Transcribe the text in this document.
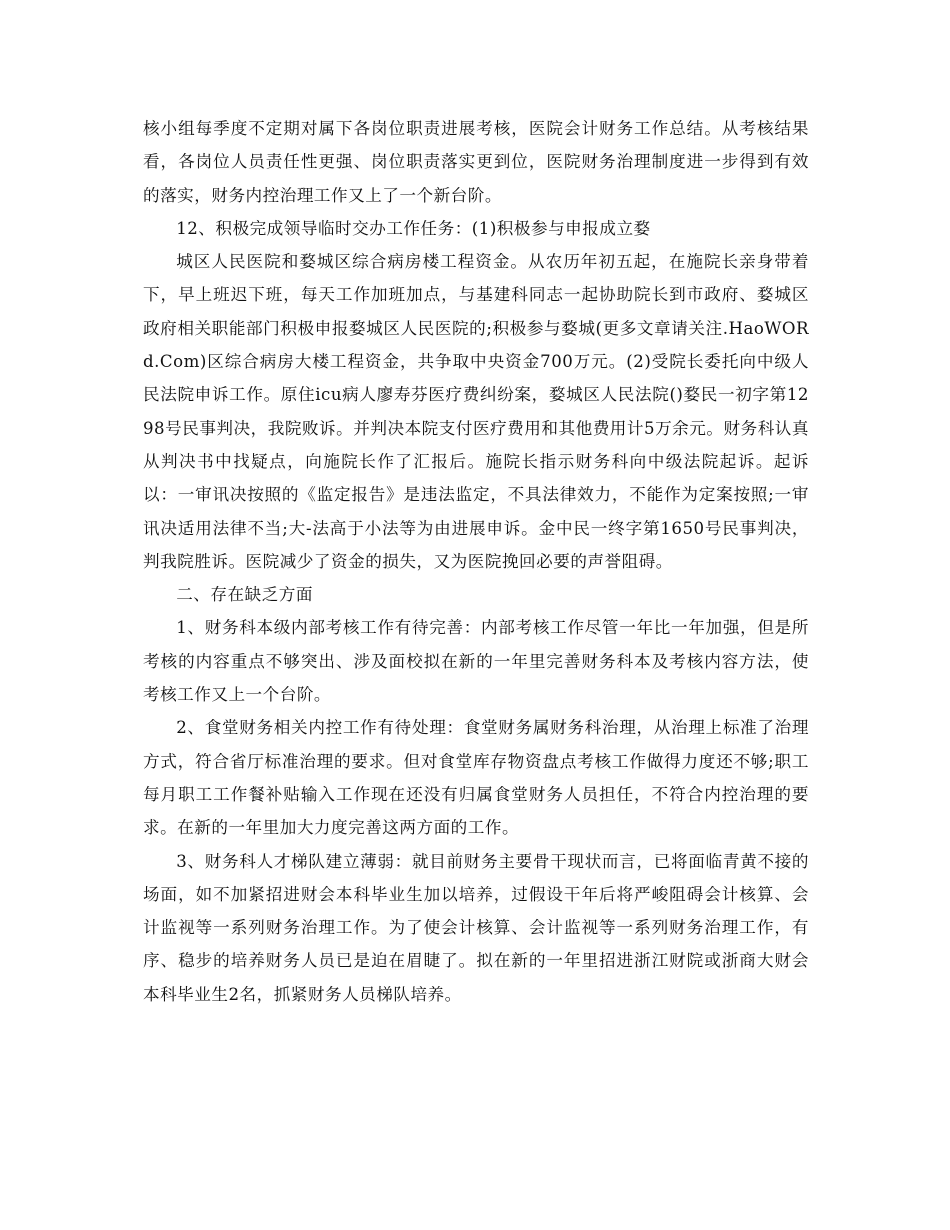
核小组每季度不定期对属下各岗位职责进展考核，医院会计财务工作总结。从考核结果看，各岗位人员责任性更强、岗位职责落实更到位，医院财务治理制度进一步得到有效的落实，财务内控治理工作又上了一个新台阶。

12、积极完成领导临时交办工作任务：(1)积极参与申报成立婺

城区人民医院和婺城区综合病房楼工程资金。从农历年初五起，在施院长亲身带着下，早上班迟下班，每天工作加班加点，与基建科同志一起协助院长到市政府、婺城区政府相关职能部门积极申报婺城区人民医院的;积极参与婺城(更多文章请关注.HaoWORd.Com)区综合病房大楼工程资金，共争取中央资金700万元。(2)受院长委托向中级人民法院申诉工作。原住icu病人廖寿芬医疗费纠纷案，婺城区人民法院()婺民一初字第1298号民事判决，我院败诉。并判决本院支付医疗费用和其他费用计5万余元。财务科认真从判决书中找疑点，向施院长作了汇报后。施院长指示财务科向中级法院起诉。起诉以：一审讯决按照的《监定报告》是违法监定，不具法律效力，不能作为定案按照;一审讯决适用法律不当;大-法高于小法等为由进展申诉。金中民一终字第1650号民事判决，判我院胜诉。医院减少了资金的损失，又为医院挽回必要的声誉阻碍。

二、存在缺乏方面

1、财务科本级内部考核工作有待完善：内部考核工作尽管一年比一年加强，但是所考核的内容重点不够突出、涉及面校拟在新的一年里完善财务科本及考核内容方法，使考核工作又上一个台阶。

2、食堂财务相关内控工作有待处理：食堂财务属财务科治理，从治理上标准了治理方式，符合省厅标准治理的要求。但对食堂库存物资盘点考核工作做得力度还不够;职工每月职工工作餐补贴输入工作现在还没有归属食堂财务人员担任，不符合内控治理的要求。在新的一年里加大力度完善这两方面的工作。

3、财务科人才梯队建立薄弱：就目前财务主要骨干现状而言，已将面临青黄不接的场面，如不加紧招进财会本科毕业生加以培养，过假设干年后将严峻阻碍会计核算、会计监视等一系列财务治理工作。为了使会计核算、会计监视等一系列财务治理工作，有序、稳步的培养财务人员已是迫在眉睫了。拟在新的一年里招进浙江财院或浙商大财会本科毕业生2名，抓紧财务人员梯队培养。
